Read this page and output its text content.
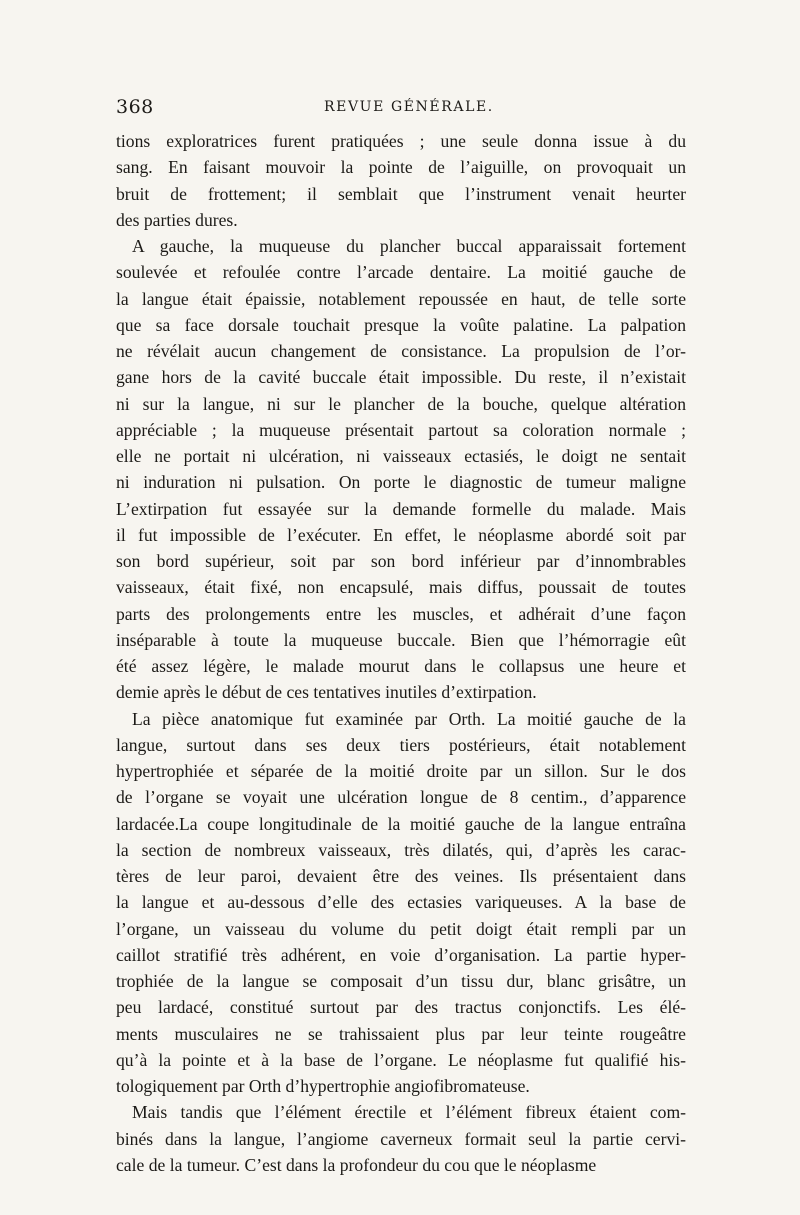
368	REVUE GÉNÉRALE.

tions exploratrices furent pratiquées ; une seule donna issue à du
sang. En faisant mouvoir la pointe de l’aiguille, on provoquait un
bruit de frottement; il semblait que l’instrument venait heurter
des parties dures.

A gauche, la muqueuse du plancher buccal apparaissait fortement
soulevée et refoulée contre l’arcade dentaire. La moitié gauche de
la langue était épaissie, notablement repoussée en haut, de telle sorte
que sa face dorsale touchait presque la voûte palatine. La palpation
ne révélait aucun changement de consistance. La propulsion de l’or-
gane hors de la cavité buccale était impossible. Du reste, il n’existait
ni sur la langue, ni sur le plancher de la bouche, quelque altération
appréciable ; la muqueuse présentait partout sa coloration normale ;
elle ne portait ni ulcération, ni vaisseaux ectasiés, le doigt ne sentait
ni induration ni pulsation. On porte le diagnostic de tumeur maligne
L’extirpation fut essayée sur la demande formelle du malade. Mais
il fut impossible de l’exécuter. En effet, le néoplasme abordé soit par
son bord supérieur, soit par son bord inférieur par d’innombrables
vaisseaux, était fixé, non encapsulé, mais diffus, poussait de toutes
parts des prolongements entre les muscles, et adhérait d’une façon
inséparable à toute la muqueuse buccale. Bien que l’hémorragie eût
été assez légère, le malade mourut dans le collapsus une heure et
demie après le début de ces tentatives inutiles d’extirpation.

La pièce anatomique fut examinée par Orth. La moitié gauche de la
langue, surtout dans ses deux tiers postérieurs, était notablement
hypertrophiée et séparée de la moitié droite par un sillon. Sur le dos
de l’organe se voyait une ulcération longue de 8 centim., d’apparence
lardacée.La coupe longitudinale de la moitié gauche de la langue entraîna
la section de nombreux vaisseaux, très dilatés, qui, d’après les carac-
tères de leur paroi, devaient être des veines. Ils présentaient dans
la langue et au-dessous d’elle des ectasies variqueuses. A la base de
l’organe, un vaisseau du volume du petit doigt était rempli par un
caillot stratifié très adhérent, en voie d’organisation. La partie hyper-
trophiée de la langue se composait d’un tissu dur, blanc grisâtre, un
peu lardacé, constitué surtout par des tractus conjonctifs. Les élé-
ments musculaires ne se trahissaient plus par leur teinte rougeâtre
qu’à la pointe et à la base de l’organe. Le néoplasme fut qualifié his-
tologiquement par Orth d’hypertrophie angiofibromateuse.

Mais tandis que l’élément érectile et l’élément fibreux étaient com-
binés dans la langue, l’angiome caverneux formait seul la partie cervi-
cale de la tumeur. C’est dans la profondeur du cou que le néoplasme
